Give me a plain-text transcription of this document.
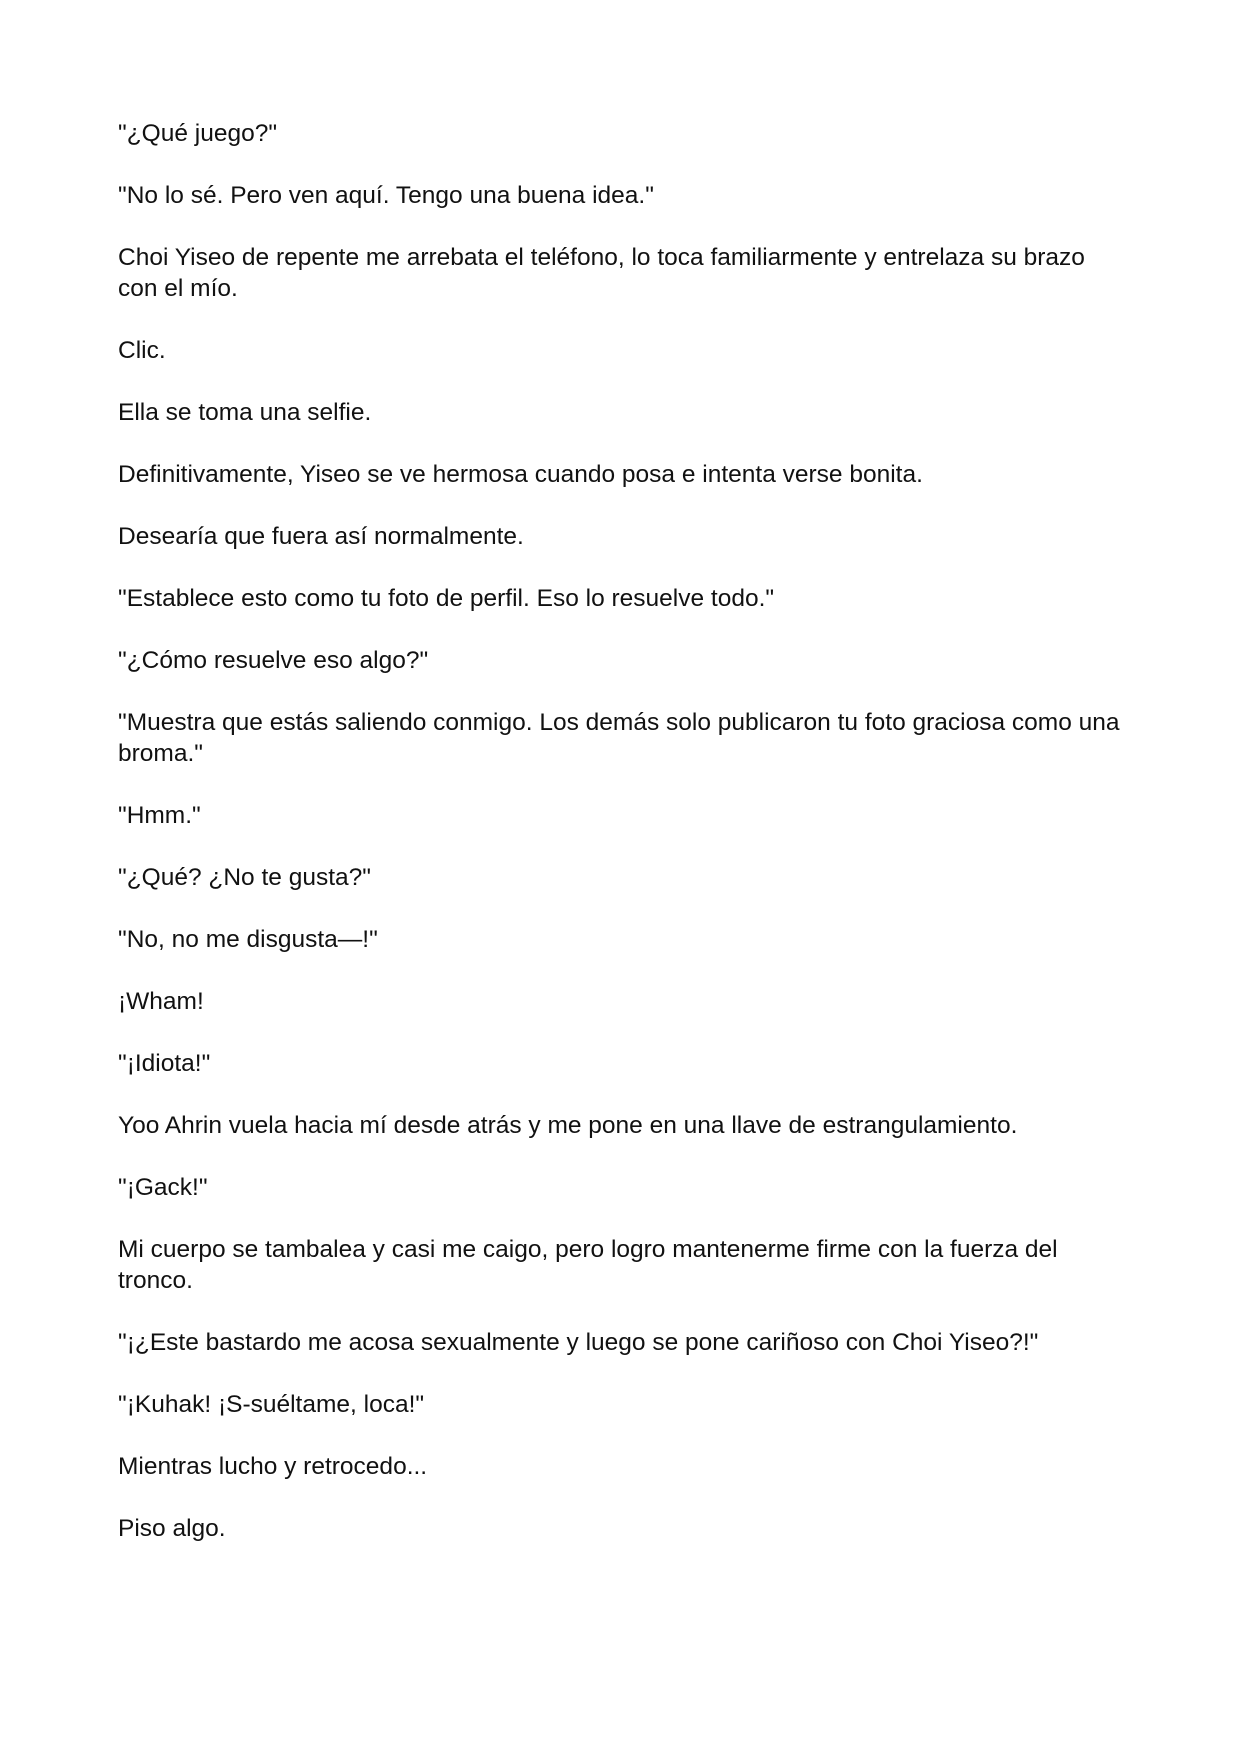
"¿Qué juego?"

"No lo sé. Pero ven aquí. Tengo una buena idea."

Choi Yiseo de repente me arrebata el teléfono, lo toca familiarmente y entrelaza su brazo con el mío.

Clic.

Ella se toma una selfie.

Definitivamente, Yiseo se ve hermosa cuando posa e intenta verse bonita.

Desearía que fuera así normalmente.

"Establece esto como tu foto de perfil. Eso lo resuelve todo."

"¿Cómo resuelve eso algo?"

"Muestra que estás saliendo conmigo. Los demás solo publicaron tu foto graciosa como una broma."

"Hmm."

"¿Qué? ¿No te gusta?"

"No, no me disgusta—!"

¡Wham!

"¡Idiota!"

Yoo Ahrin vuela hacia mí desde atrás y me pone en una llave de estrangulamiento.

"¡Gack!"

Mi cuerpo se tambalea y casi me caigo, pero logro mantenerme firme con la fuerza del tronco.

"¡¿Este bastardo me acosa sexualmente y luego se pone cariñoso con Choi Yiseo?!"

"¡Kuhak! ¡S-suéltame, loca!"

Mientras lucho y retrocedo...

Piso algo.
